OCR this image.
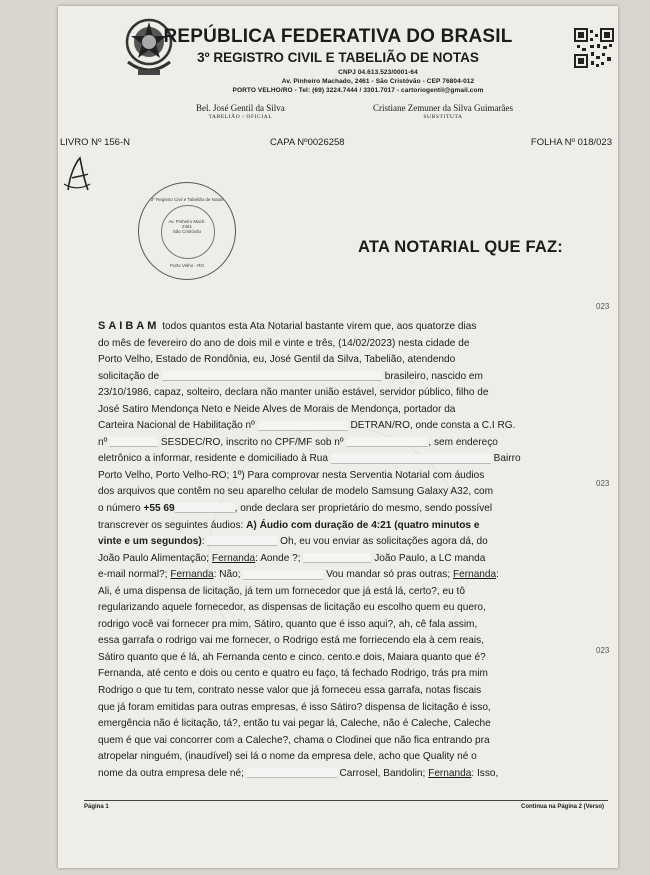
REPÚBLICA FEDERATIVA DO BRASIL
3º REGISTRO CIVIL E TABELIÃO DE NOTAS
CNPJ 04.613.523/0001-64
Av. Pinheiro Machado, 2461 - São Cristóvão - CEP 76804-012
PORTO VELHO/RO - Tel: (69) 3224.7444 / 3301.7017 - cartoriogentil@gmail.com
Bel. José Gentil da Silva
TABELIÃO / OFICIAL
Cristiane Zemuner da Silva Guimarães
SUBSTITUTA
LIVRO Nº 156-N	CAPA Nº0026258	FOLHA Nº 018/023
3º Registro Civil e Tabelião de Notas
Av. Pinheiro Mach. 2461
São Cristóvão
Porto Velho - RO
ATA NOTARIAL QUE FAZ:
023
023
023
SAIBAM todos quantos esta Ata Notarial bastante virem que, aos quatorze dias
do mês de fevereiro do ano de dois mil e vinte e três, (14/02/2023) nesta cidade de
Porto Velho, Estado de Rondônia, eu, José Gentil da Silva, Tabelião, atendendo
solicitação de	brasileiro, nascido em
23/10/1986, capaz, solteiro, declara não manter união estável, servidor público, filho de
José Satiro Mendonça Neto e Neide Alves de Morais de Mendonça, portador da
Carteira Nacional de Habilitação nº	DETRAN/RO, onde consta a C.I RG.
nº	SESDEC/RO, inscrito no CPF/MF sob nº	, sem endereço
eletrônico a informar, residente e domiciliado à Rua	Bairro
Porto Velho, Porto Velho-RO; 1º) Para comprovar nesta Serventia Notarial com áudios
dos arquivos que contêm no seu aparelho celular de modelo Samsung Galaxy A32, com
o número +55 69	, onde declara ser proprietário do mesmo, sendo possível
transcrever os seguintes áudios: A) Áudio com duração de 4:21 (quatro minutos e
vinte e um segundos):	Oh, eu vou enviar as solicitações agora dá, do
João Paulo Alimentação; Fernanda: Aonde ?;	João Paulo, a LC manda
e-mail normal?; Fernanda: Não;	Vou mandar só pras outras; Fernanda:
Ali, é uma dispensa de licitação, já tem um fornecedor que já está lá, certo?, eu tô
regularizando aquele fornecedor, as dispensas de licitação eu escolho quem eu quero,
rodrigo você vai fornecer pra mim, Sátiro, quanto que é isso aqui?, ah, cê fala assim,
essa garrafa o rodrigo vai me fornecer, o Rodrigo está me forriecendo ela à cem reais,
Sátiro quanto que é lá, ah Fernanda cento e cinco. cento.e dois, Maiara quanto que é?
Fernanda, até cento e dois ou cento e quatro eu faço, tá fechado Rodrigo, trás pra mim
Rodrigo o que tu tem, contrato nesse valor que já forneceu essa garrafa, notas fiscais
que já foram emitidas para outras empresas, é isso Sátiro? dispensa de licitação é isso,
emergência não é licitação, tá?, então tu vai pegar lá, Caleche, não é Caleche, Caleche
quem é que vai concorrer com a Caleche?, chama o Clodinei que não fica entrando pra
atropelar ninguém, (inaudível) sei lá o nome da empresa dele, acho que Quality né o
nome da outra empresa dele né;	Carrosel, Bandolin; Fernanda: Isso,
Página 1	Continua na Página 2 (Verso)
